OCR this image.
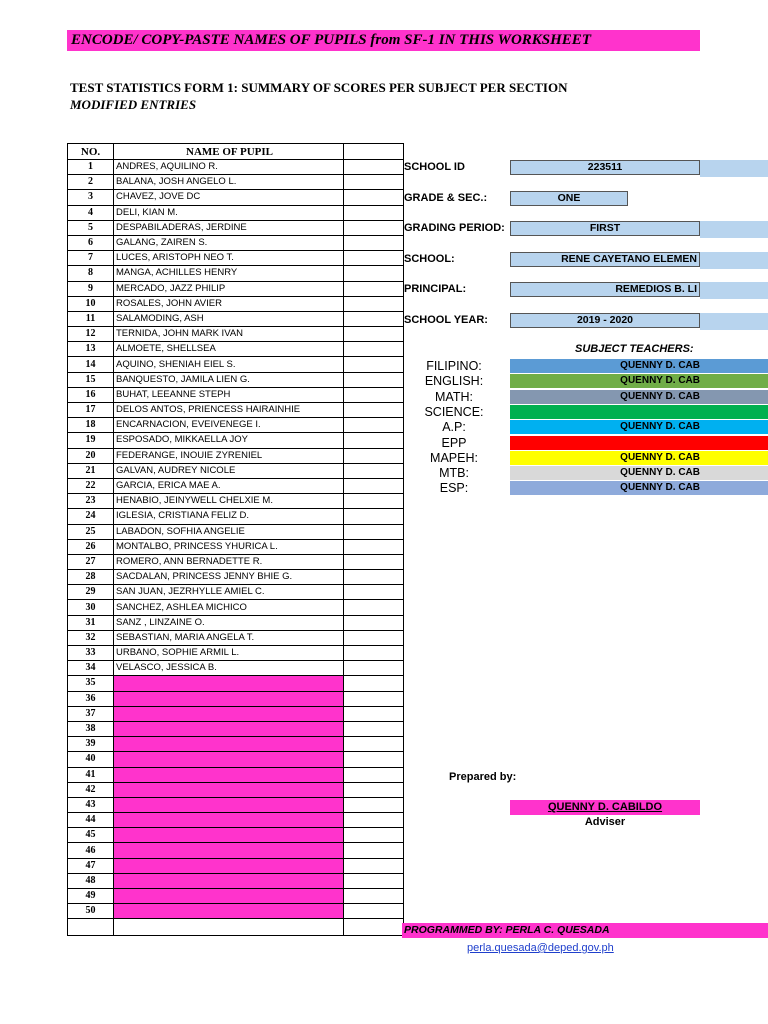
ENCODE/ COPY-PASTE NAMES OF PUPILS from SF-1 IN THIS WORKSHEET
TEST STATISTICS FORM 1: SUMMARY OF SCORES PER SUBJECT PER SECTION
MODIFIED ENTRIES
NO.	NAME OF PUPIL	
1	ANDRES, AQUILINO R.	
2	BALANA, JOSH ANGELO L.	
3	CHAVEZ, JOVE DC	
4	DELI, KIAN M.	
5	DESPABILADERAS, JERDINE	
6	GALANG, ZAIREN S.	
7	LUCES, ARISTOPH NEO T.	
8	MANGA, ACHILLES HENRY	
9	MERCADO, JAZZ PHILIP	
10	ROSALES, JOHN AVIER	
11	SALAMODING, ASH	
12	TERNIDA, JOHN MARK IVAN	
13	ALMOETE, SHELLSEA	
14	AQUINO, SHENIAH EIEL S.	
15	BANQUESTO, JAMILA LIEN G.	
16	BUHAT, LEEANNE STEPH	
17	DELOS ANTOS, PRIENCESS HAIRAINHIE	
18	ENCARNACION, EVEIVENEGE I.	
19	ESPOSADO, MIKKAELLA JOY	
20	FEDERANGE, INOUIE ZYRENIEL	
21	GALVAN, AUDREY NICOLE	
22	GARCIA, ERICA MAE A.	
23	HENABIO, JEINYWELL CHELXIE M.	
24	IGLESIA, CRISTIANA FELIZ D.	
25	LABADON, SOFHIA ANGELIE	
26	MONTALBO, PRINCESS YHURICA L.	
27	ROMERO, ANN BERNADETTE R.	
28	SACDALAN, PRINCESS JENNY BHIE G.	
29	SAN JUAN, JEZRHYLLE AMIEL C.	
30	SANCHEZ, ASHLEA MICHICO	
31	SANZ , LINZAINE O.	
32	SEBASTIAN, MARIA ANGELA T.	
33	URBANO, SOPHIE ARMIL L.	
34	VELASCO, JESSICA B.	
35		
36		
37		
38		
39		
40		
41		
42		
43		
44		
45		
46		
47		
48		
49		
50		

SCHOOL ID	223511
GRADE & SEC.:	ONE
GRADING PERIOD:	FIRST
SCHOOL:	RENE CAYETANO ELEMEN
PRINCIPAL:	REMEDIOS B. LI
SCHOOL YEAR:	2019 - 2020
SUBJECT TEACHERS:
FILIPINO:	QUENNY D. CAB
ENGLISH:	QUENNY D. CAB
MATH:	QUENNY D. CAB
SCIENCE:
A.P:	QUENNY D. CAB
EPP
MAPEH:	QUENNY D. CAB
MTB:	QUENNY D. CAB
ESP:	QUENNY D. CAB
Prepared by:
QUENNY D. CABILDO
Adviser
PROGRAMMED BY: PERLA C. QUESADA
perla.quesada@deped.gov.ph
